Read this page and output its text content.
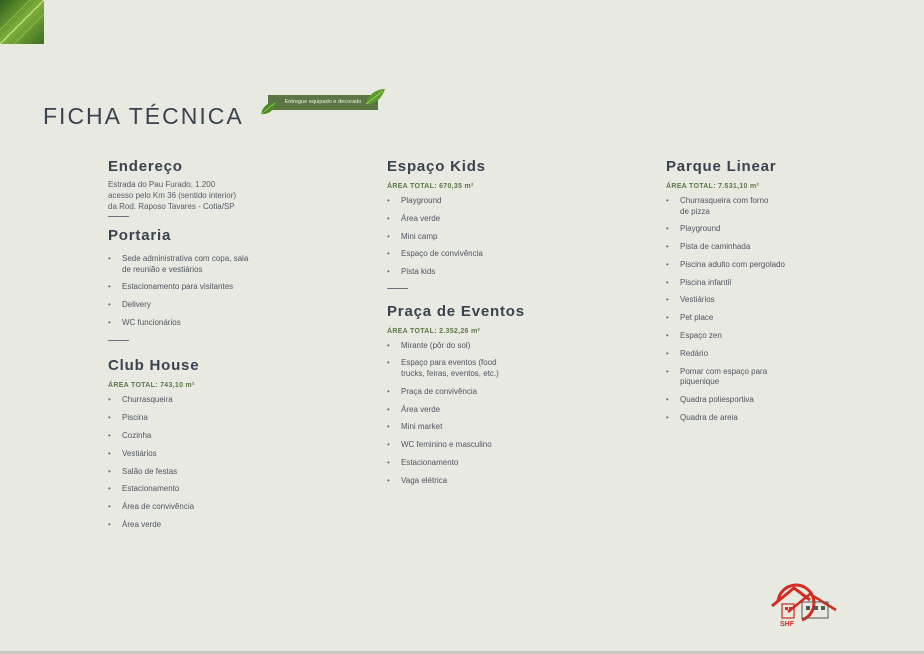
FICHA TÉCNICA
Entregue equipado e decorado
Endereço
Estrada do Pau Furado, 1.200
acesso pelo Km 36 (sentido interior)
da Rod. Raposo Tavares - Cotia/SP
Portaria
• Sede administrativa com copa, sala de reunião e vestiários
• Estacionamento para visitantes
• Delivery
• WC funcionários
Club House
ÁREA TOTAL: 743,10 m²
• Churrasqueira
• Piscina
• Cozinha
• Vestiários
• Salão de festas
• Estacionamento
• Área de convivência
• Área verde
Espaço Kids
ÁREA TOTAL: 670,35 m²
• Playground
• Área verde
• Mini camp
• Espaço de convivência
• Pista kids
Praça de Eventos
ÁREA TOTAL: 2.352,26 m²
• Mirante (pôr do sol)
• Espaço para eventos (food trucks, feiras, eventos, etc.)
• Praça de convivência
• Área verde
• Mini market
• WC feminino e masculino
• Estacionamento
• Vaga elétrica
Parque Linear
ÁREA TOTAL: 7.531,10 m²
• Churrasqueira com forno de pizza
• Playground
• Pista de caminhada
• Piscina adulto com pergolado
• Piscina infantil
• Vestiários
• Pet place
• Espaço zen
• Redário
• Pomar com espaço para piquenique
• Quadra poliesportiva
• Quadra de areia
SHF
